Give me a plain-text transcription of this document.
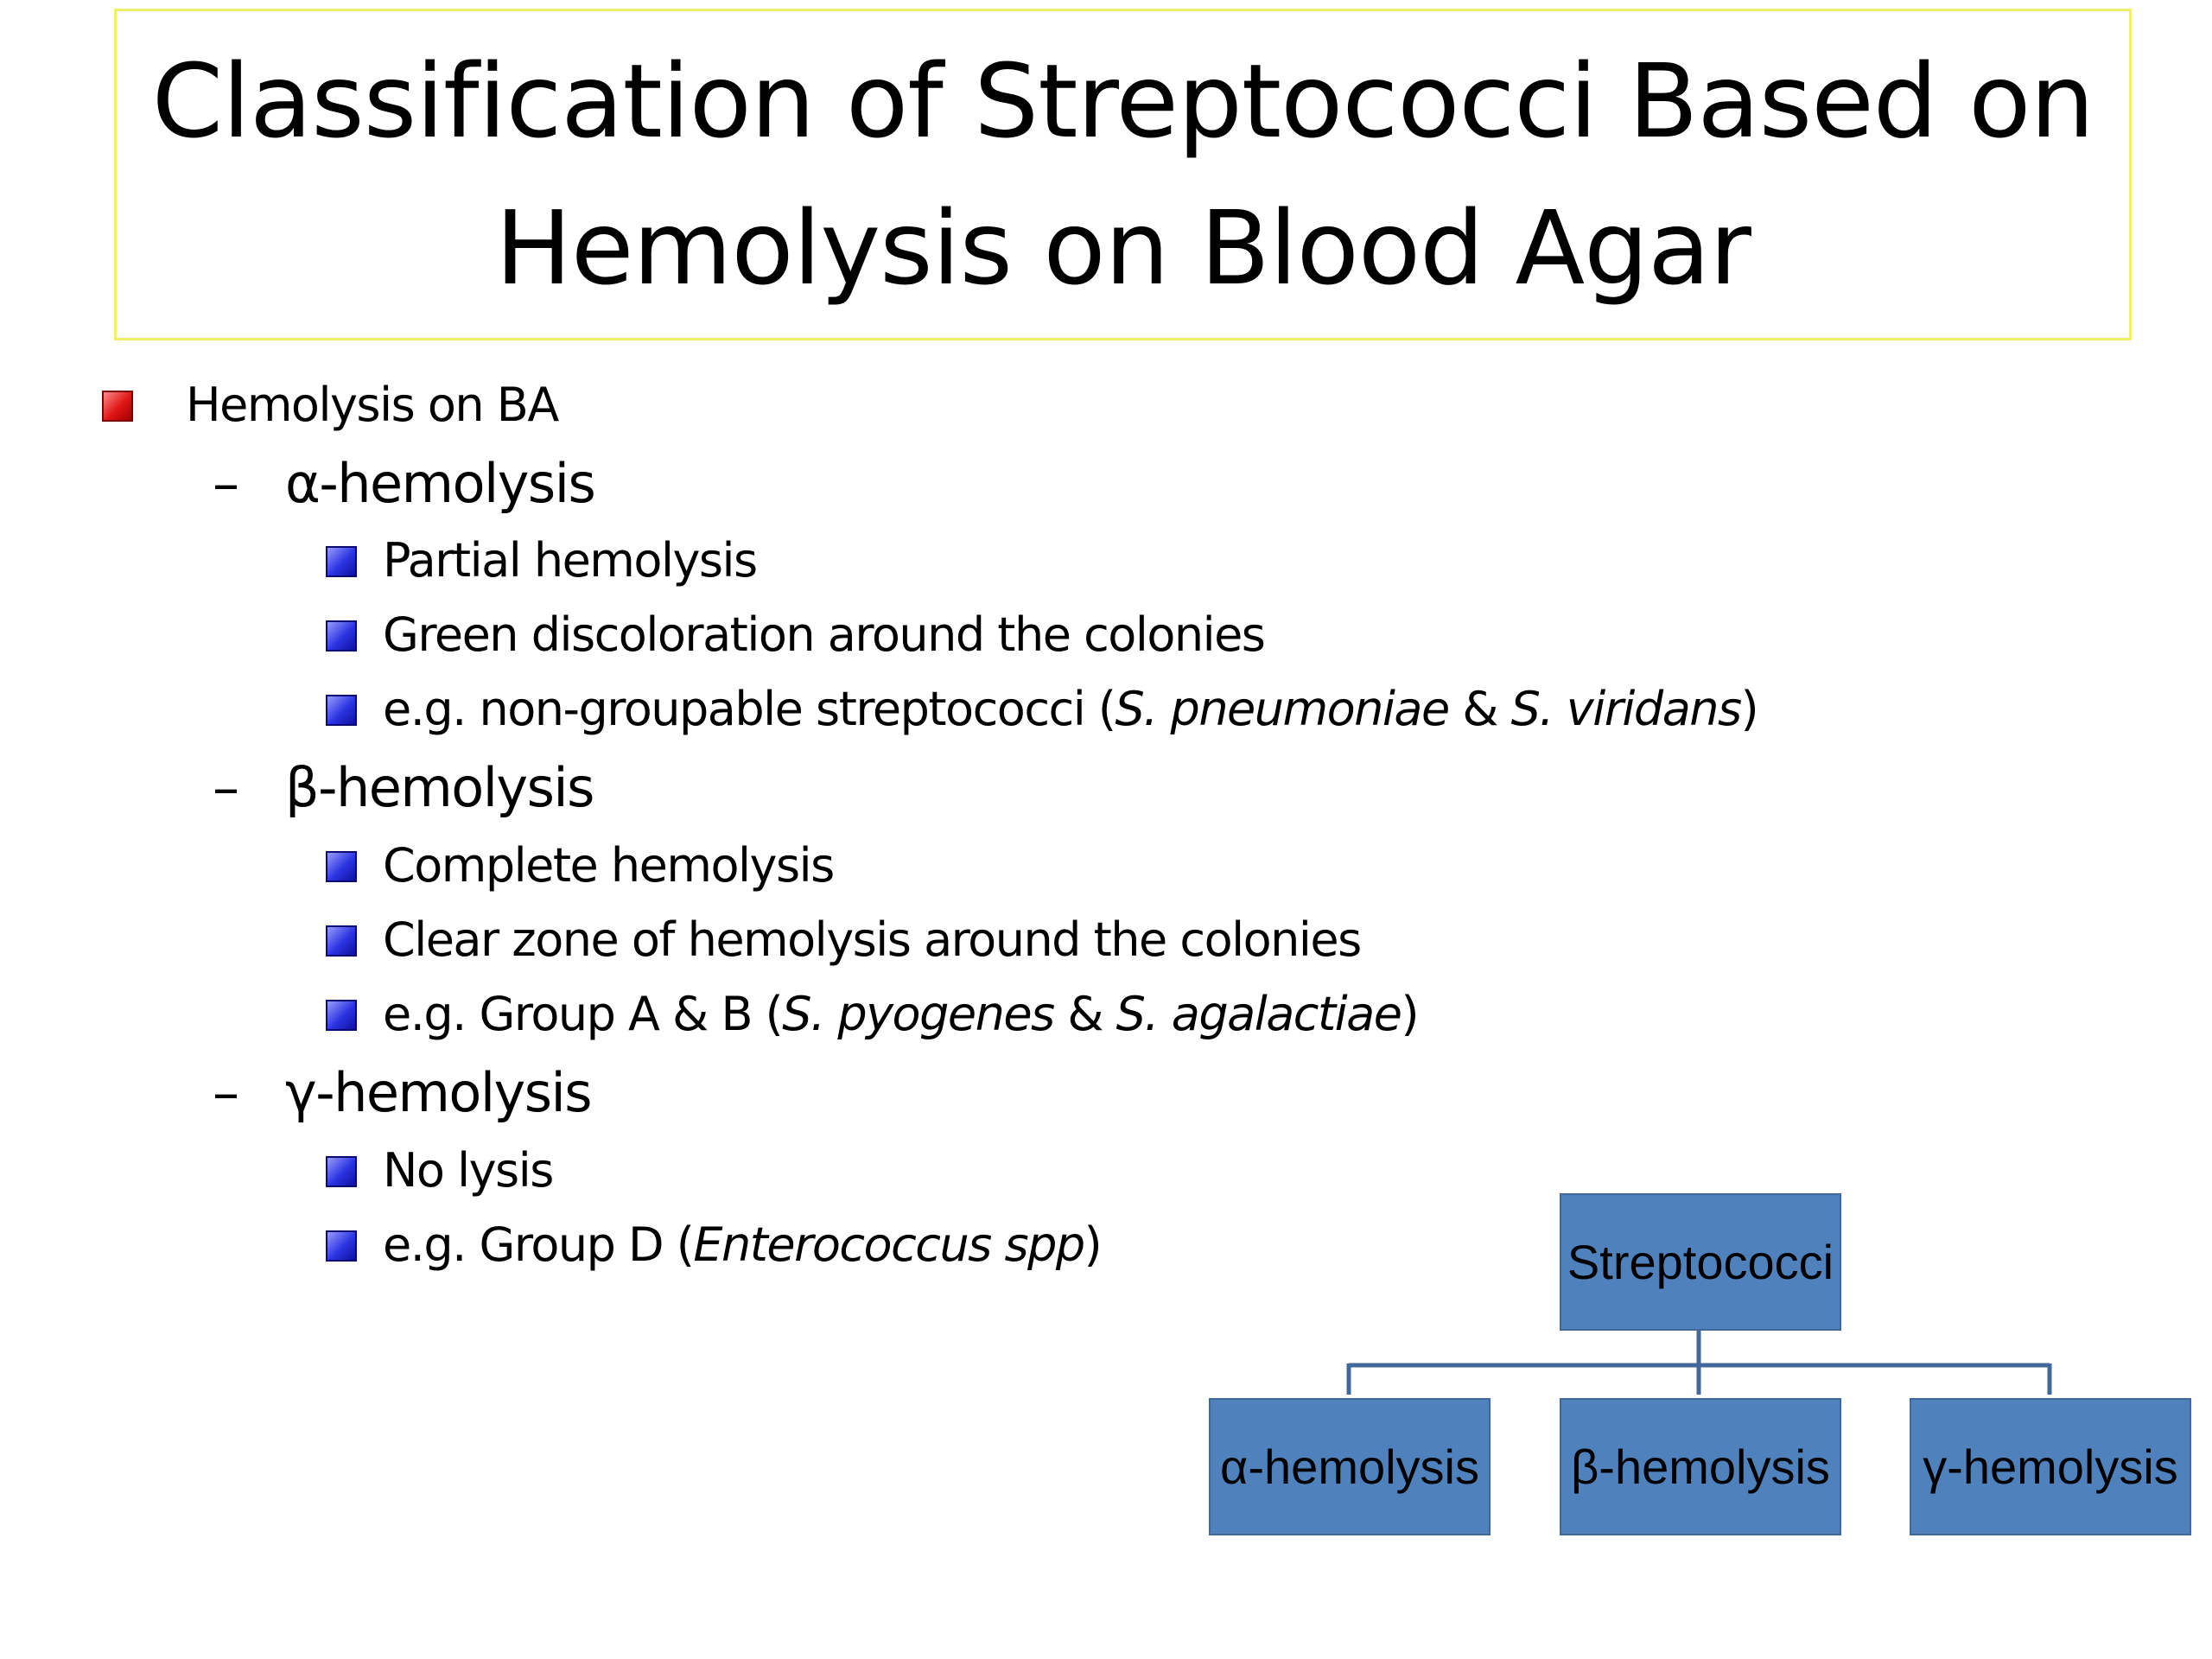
Classification of Streptococci Based on
Hemolysis on Blood Agar
Hemolysis on BA
– α-hemolysis
Partial hemolysis
Green discoloration around the colonies
e.g. non-groupable streptococci (S. pneumoniae & S. viridans)
– β-hemolysis
Complete hemolysis
Clear zone of hemolysis around the colonies
e.g. Group A & B (S. pyogenes & S. agalactiae)
– γ-hemolysis
No lysis
e.g. Group D (Enterococcus spp)	Streptococci
α-hemolysis β-hemolysis γ-hemolysis
